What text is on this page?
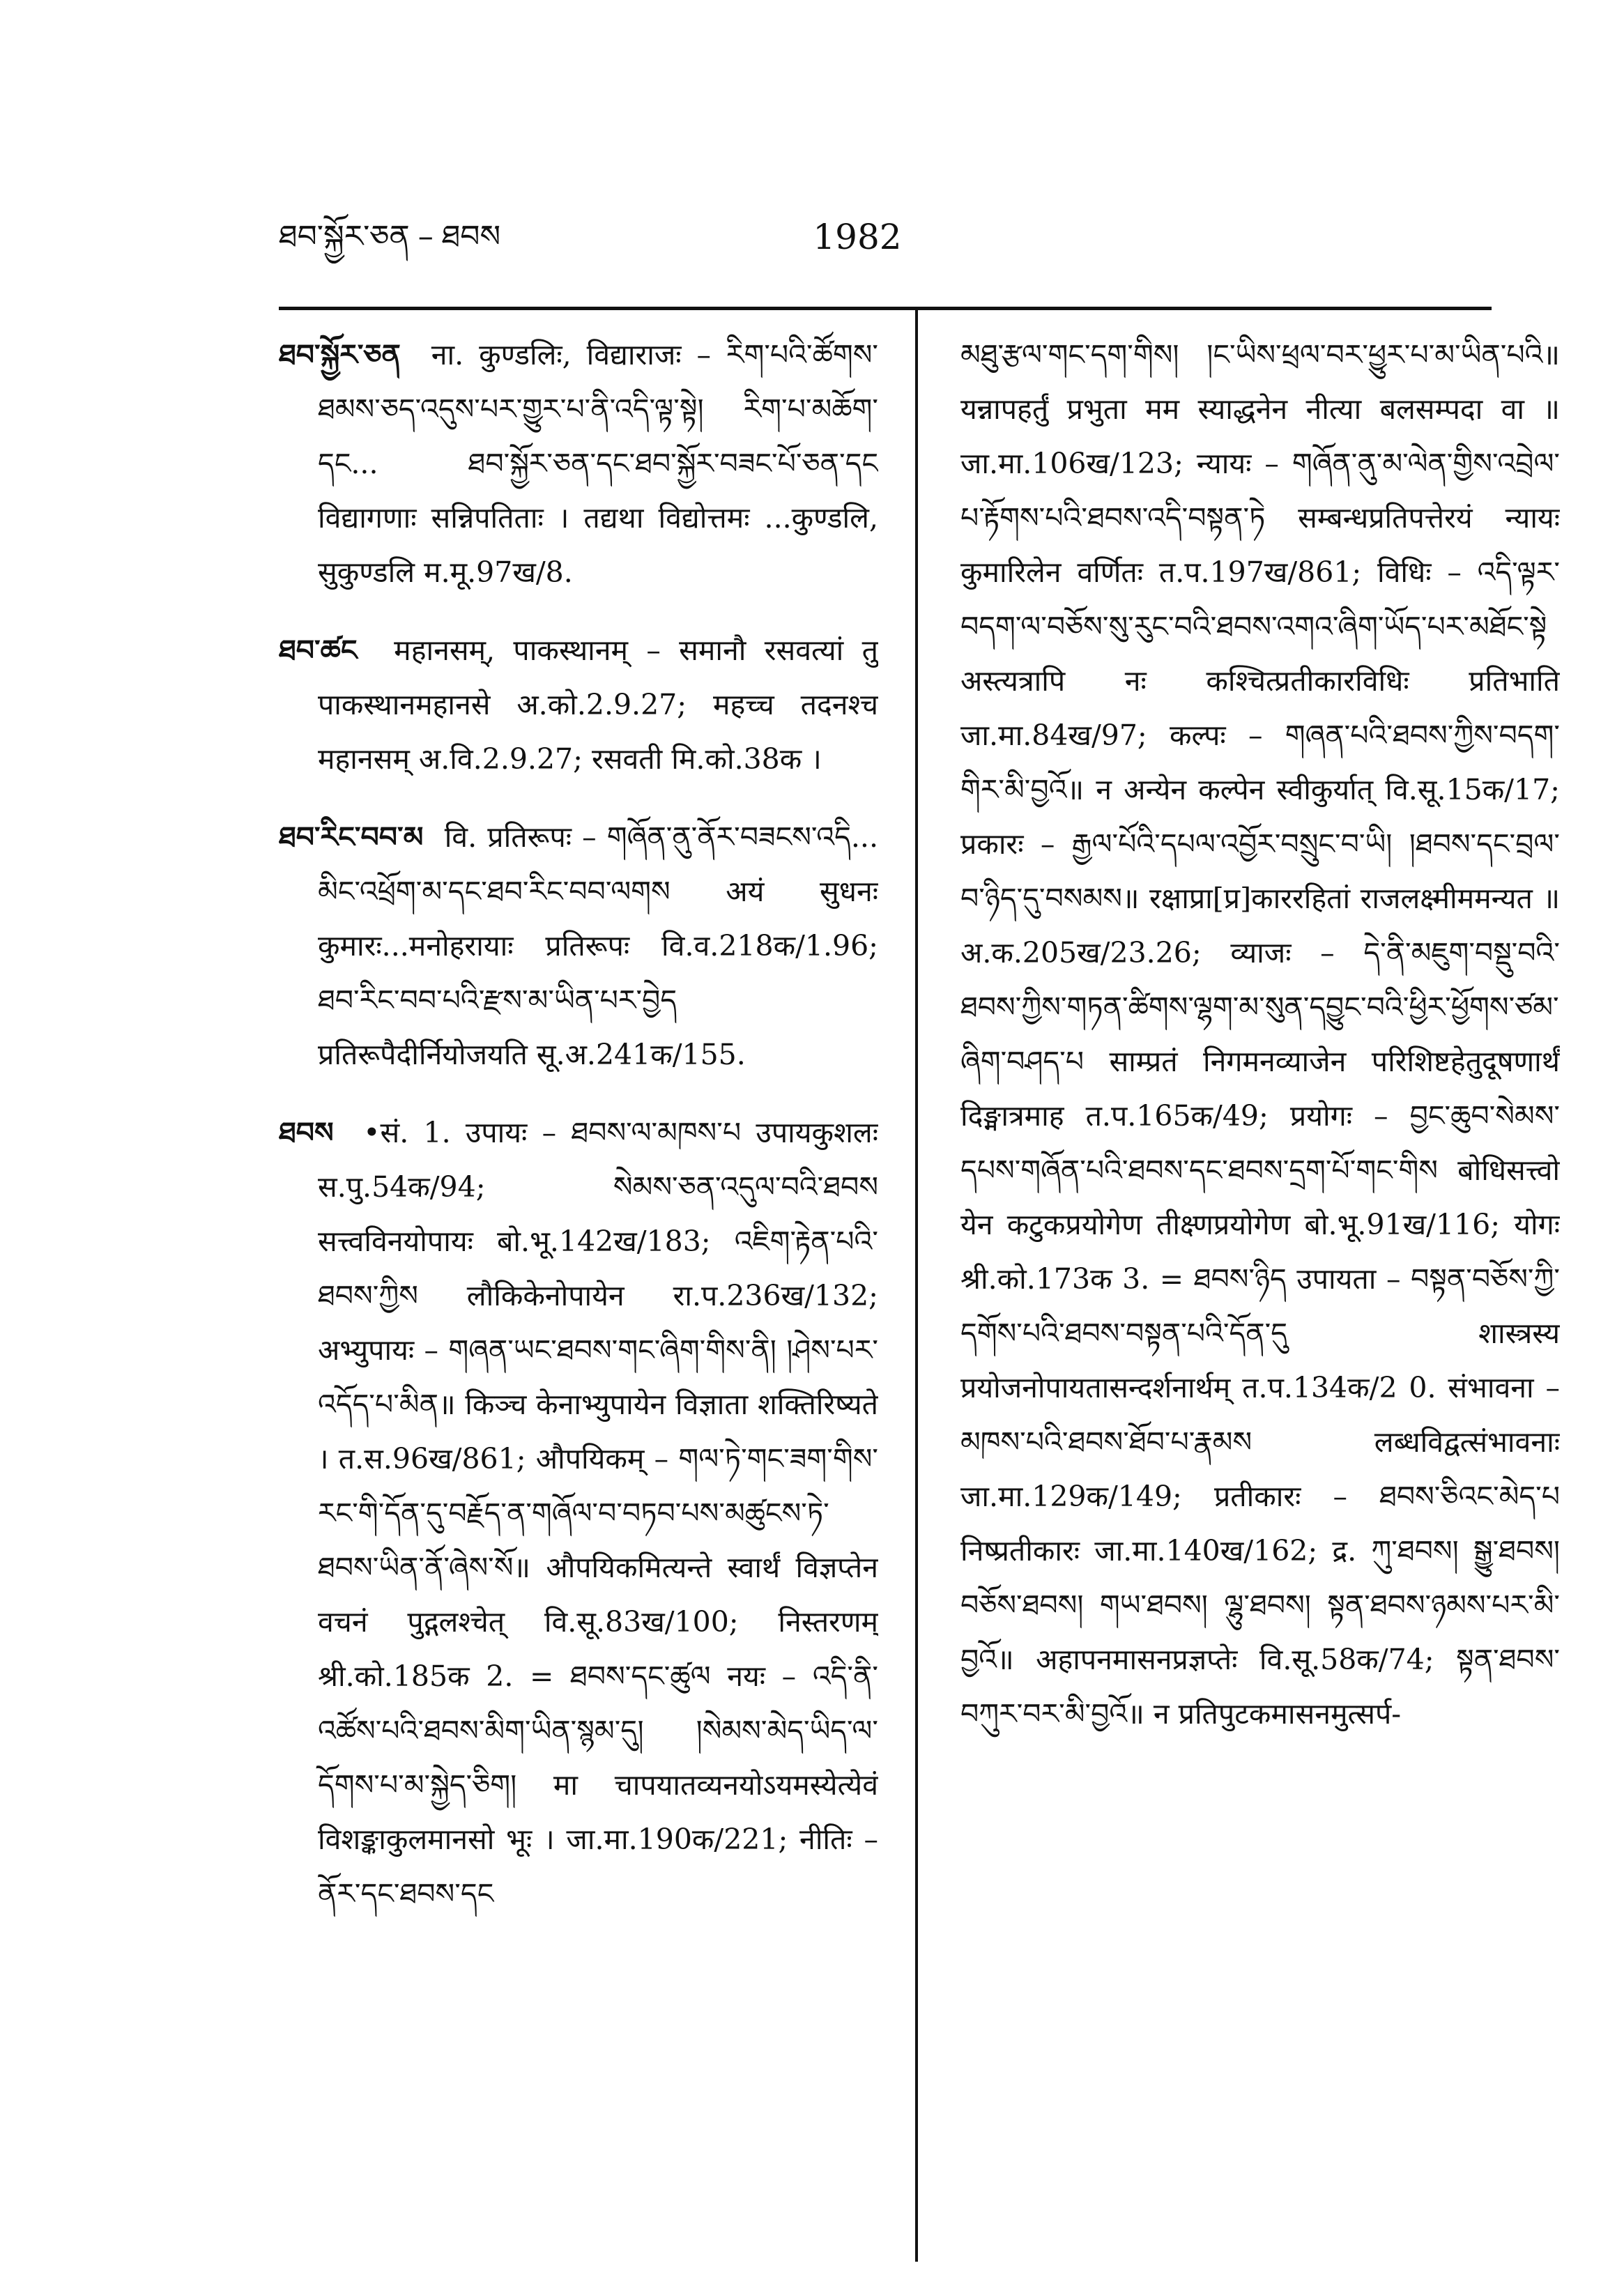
ཐབ་སྐྱོར་ཅན – ཐབས	1982

ཐབ་སྐྱོར་ཅན ना. कुण्डलिः, विद्याराजः – རིག་པའི་ཚོགས་ཐམས་ཅད་འདུས་པར་གྱུར་པ་ནི་འདི་ལྟ་སྟེ། རིག་པ་མཆོག་དང... ཐབ་སྐྱོར་ཅན་དང་ཐབ་སྐྱོར་བཟང་པོ་ཅན་དང विद्यागणाः सन्निपतिताः । तद्यथा विद्योत्तमः ...कुण्डलि, सुकुण्डलि म.मू.97ख/8.

ཐབ་ཚང महानसम्, पाकस्थानम् – समानौ रसवत्यां तु पाकस्थानमहानसे अ.को.2.9.27; महच्च तदनश्च महानसम् अ.वि.2.9.27; रसवती मि.को.38क ।

ཐབ་རིང་བབ་མ वि. प्रतिरूपः – གཞོན་ནུ་ནོར་བཟངས་འདི... མིང་འཕྲོག་མ་དང་ཐབ་རིང་བབ་ལགས अयं सुधनः कुमारः...मनोहरायाः प्रतिरूपः वि.व.218क/1.96; ཐབ་རིང་བབ་པའི་རྫས་མ་ཡིན་པར་བྱེད प्रतिरूपैदीर्नियोजयति सू.अ.241क/155.

ཐབས •सं. 1. उपायः – ཐབས་ལ་མཁས་པ उपायकुशलः स.पु.54क/94; སེམས་ཅན་འདུལ་བའི་ཐབས सत्त्वविनयोपायः बो.भू.142ख/183; འཇིག་རྟེན་པའི་ཐབས་ཀྱིས लौकिकेनोपायेन रा.प.236ख/132; अभ्युपायः – གཞན་ཡང་ཐབས་གང་ཞིག་གིས་ནི། །ཤེས་པར་འདོད་པ་མིན॥ किञ्च केनाभ्युपायेन विज्ञाता शक्तिरिष्यते । त.स.96ख/861; औपयिकम् – གལ་ཏེ་གང་ཟག་གིས་རང་གི་དོན་དུ་བརྗོད་ན་གཞོལ་བ་བཏབ་པས་མཚུངས་ཏེ་ཐབས་ཡིན་ནོ་ཞེས་སོ॥ औपयिकमित्यन्ते स्वार्थं विज्ञप्तेन वचनं पुद्गलश्चेत् वि.सू.83ख/100; निस्तरणम् श्री.को.185क 2. = ཐབས་དང་ཚུལ नयः – འདི་ནི་འཚོས་པའི་ཐབས་མིག་ཡིན་སྙམ་དུ། །སེམས་མེད་ཡིད་ལ་དོགས་པ་མ་སྐྱེད་ཅིག། मा चापयातव्यनयोऽयमस्येत्येवं विशङ्काकुलमानसो भूः । जा.मा.190क/221; नीतिः – ནོར་དང་ཐབས་དང

མཐུ་རྩལ་གང་དག་གིས། །ང་ཡིས་ཕྲལ་བར་ཕྱུར་པ་མ་ཡིན་པའི॥ यन्नापहर्तुं प्रभुता मम स्याद्धनेन नीत्या बलसम्पदा वा ॥ जा.मा.106ख/123; न्यायः – གཞོན་ནུ་མ་ལེན་གྱིས་འབྲེལ་པ་རྟོགས་པའི་ཐབས་འདི་བསྟན་ཏེ सम्बन्धप्रतिपत्तेरयं न्यायः कुमारिलेन वर्णितः त.प.197ख/861; विधिः – འདི་ལྟར་བདག་ལ་བཅོས་སུ་རུང་བའི་ཐབས་འགའ་ཞིག་ཡོད་པར་མཐོང་སྟེ अस्त्यत्रापि नः कश्चित्प्रतीकारविधिः प्रतिभाति जा.मा.84ख/97; कल्पः – གཞན་པའི་ཐབས་ཀྱིས་བདག་གིར་མི་བྱའོ॥ न अन्येन कल्पेन स्वीकुर्यात् वि.सू.15क/17; प्रकारः – རྒྱལ་པོའི་དཔལ་འབྱོར་བསྲུང་བ་ཡི། །ཐབས་དང་བྲལ་བ་ཉིད་དུ་བསམས॥ रक्षाप्रा[प्र]काररहितां राजलक्ष्मीममन्यत ॥ अ.क.205ख/23.26; व्याजः – དེ་ནི་མཇུག་བསྡུ་བའི་ཐབས་ཀྱིས་གཏན་ཚིགས་ལྷག་མ་སུན་དབྱུང་བའི་ཕྱིར་ཕྱོགས་ཙམ་ཞིག་བཤད་པ साम्प्रतं निगमनव्याजेन परिशिष्टहेतुदूषणार्थं दिङ्मात्रमाह त.प.165क/49; प्रयोगः – བྱང་ཆུབ་སེམས་དཔས་གཞོན་པའི་ཐབས་དང་ཐབས་དྲག་པོ་གང་གིས बोधिसत्त्वो येन कटुकप्रयोगेण तीक्ष्णप्रयोगेण बो.भू.91ख/116; योगः श्री.को.173क 3. = ཐབས་ཉིད उपायता – བསྟན་བཅོས་ཀྱི་དགོས་པའི་ཐབས་བསྟན་པའི་དོན་དུ शास्त्रस्य प्रयोजनोपायतासन्दर्शनार्थम् त.प.134क/2 0. संभावना – མཁས་པའི་ཐབས་ཐོབ་པ་རྣམས लब्धविद्वत्संभावनाः जा.मा.129क/149; प्रतीकारः – ཐབས་ཅིའང་མེད་པ निष्प्रतीकारः जा.मा.140ख/162; द्र. ཀུ་ཐབས། སྒྱུ་ཐབས། བཅོས་ཐབས། གཡ་ཐབས། ལྷུ་ཐབས། སྟན་ཐབས་ཉམས་པར་མི་བྱའོ॥ अहापनमासनप्रज्ञप्तेः वि.सू.58क/74; སྟན་ཐབས་བཀུར་བར་མི་བྱའོ॥ न प्रतिपुटकमासनमुत्सर्प-
